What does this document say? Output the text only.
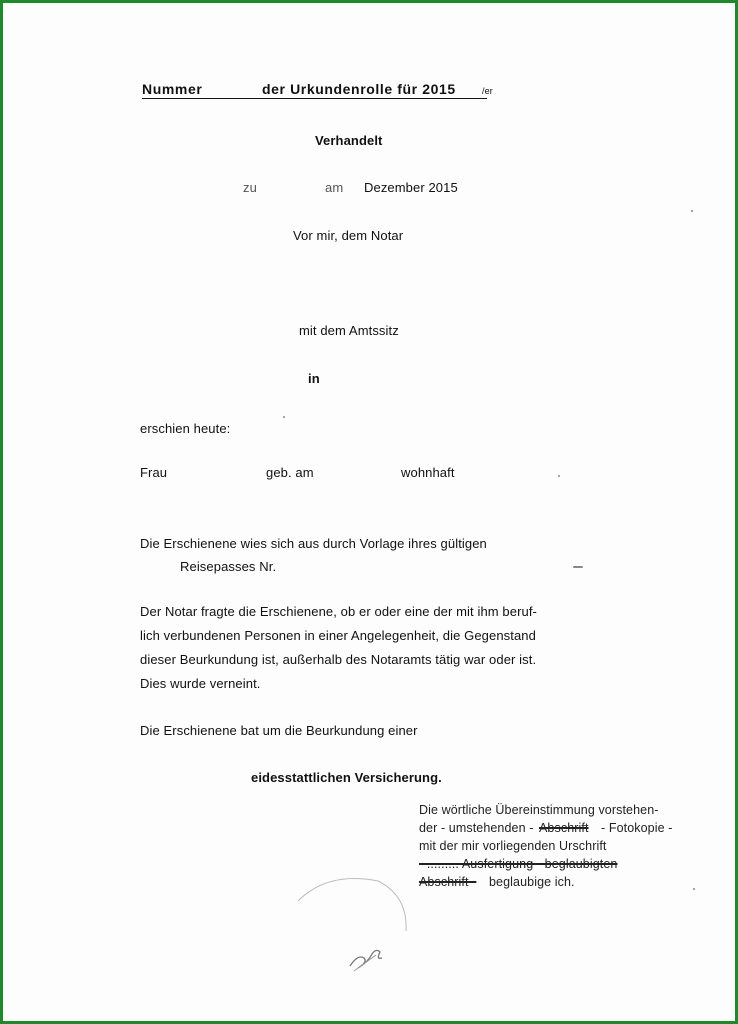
Nummer	der Urkundenrolle für 2015	/er
Verhandelt
zu	am Dezember 2015
Vor mir, dem Notar
mit dem Amtssitz
in
erschien heute:
Frau	geb. am	wohnhaft
Die Erschienene wies sich aus durch Vorlage ihres gültigen
Reisepasses Nr.
Der Notar fragte die Erschienene, ob er oder eine der mit ihm beruf-
lich verbundenen Personen in einer Angelegenheit, die Gegenstand
dieser Beurkundung ist, außerhalb des Notaramts tätig war oder ist.
Dies wurde verneint.
Die Erschienene bat um die Beurkundung einer
eidesstattlichen Versicherung.
Die wörtliche Übereinstimmung vorstehen-
der - umstehenden - Abschrift - Fotokopie -
mit der mir vorliegenden Urschrift
- ......... Ausfertigung - beglaubigten
Abschrift - beglaubige ich.
